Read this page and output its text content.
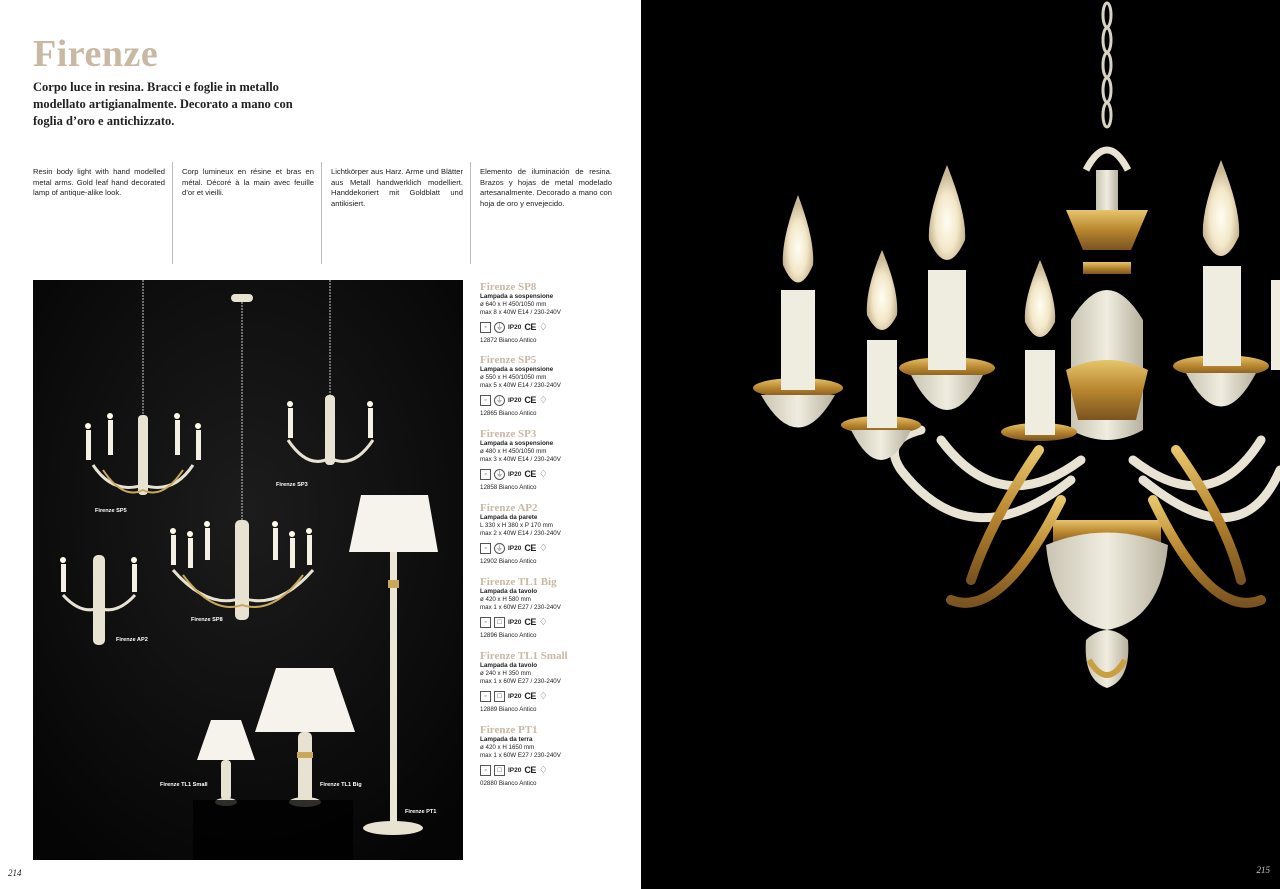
Firenze
Corpo luce in resina. Bracci e foglie in metallo modellato artigianalmente. Decorato a mano con foglia d’oro e antichizzato.
Resin body light with hand modelled metal arms. Gold leaf hand decorated lamp of antique-alike look.
Corp lumineux en résine et bras en métal. Décoré à la main avec feuille d’or et vieilli.
Lichtkörper aus Harz. Arme und Blätter aus Metall handwerklich modelliert. Handdekoriert mit Goldblatt und antikisiert.
Elemento de iluminación de resina. Brazos y hojas de metal modelado artesanalmente. Decorado a mano con hoja de oro y envejecido.
Firenze SP5
Firenze SP3
Firenze SP8
Firenze AP2
Firenze TL1 Small	Firenze TL1 Big
Firenze PT1
Firenze SP8
Lampada a sospensione
ø 640 x H 450/1050 mm
max 8 x 40W E14 / 230-240V
◦	⏚ IP20 CE ♢
12872 Bianco Antico
Firenze SP5
Lampada a sospensione
ø 550 x H 450/1050 mm
max 5 x 40W E14 / 230-240V
◦	⏚ IP20 CE ♢
12865 Bianco Antico
Firenze SP3
Lampada a sospensione
ø 480 x H 450/1050 mm
max 3 x 40W E14 / 230-240V
◦	⏚ IP20 CE ♢
12858 Bianco Antico
Firenze AP2
Lampada da parete
L 330 x H 380 x P 170 mm
max 2 x 40W E14 / 230-240V
◦	⏚ IP20 CE ♢
12902 Bianco Antico
Firenze TL1 Big
Lampada da tavolo
ø 420 x H 580 mm
max 1 x 60W E27 / 230-240V
◦	□ IP20 CE ♢
12896 Bianco Antico
Firenze TL1 Small
Lampada da tavolo
ø 240 x H 350 mm
max 1 x 60W E27 / 230-240V
◦	□ IP20 CE ♢
12889 Bianco Antico
Firenze PT1
Lampada da terra
ø 420 x H 1650 mm
max 1 x 60W E27 / 230-240V
◦	□ IP20 CE ♢
02880 Bianco Antico
214	215
